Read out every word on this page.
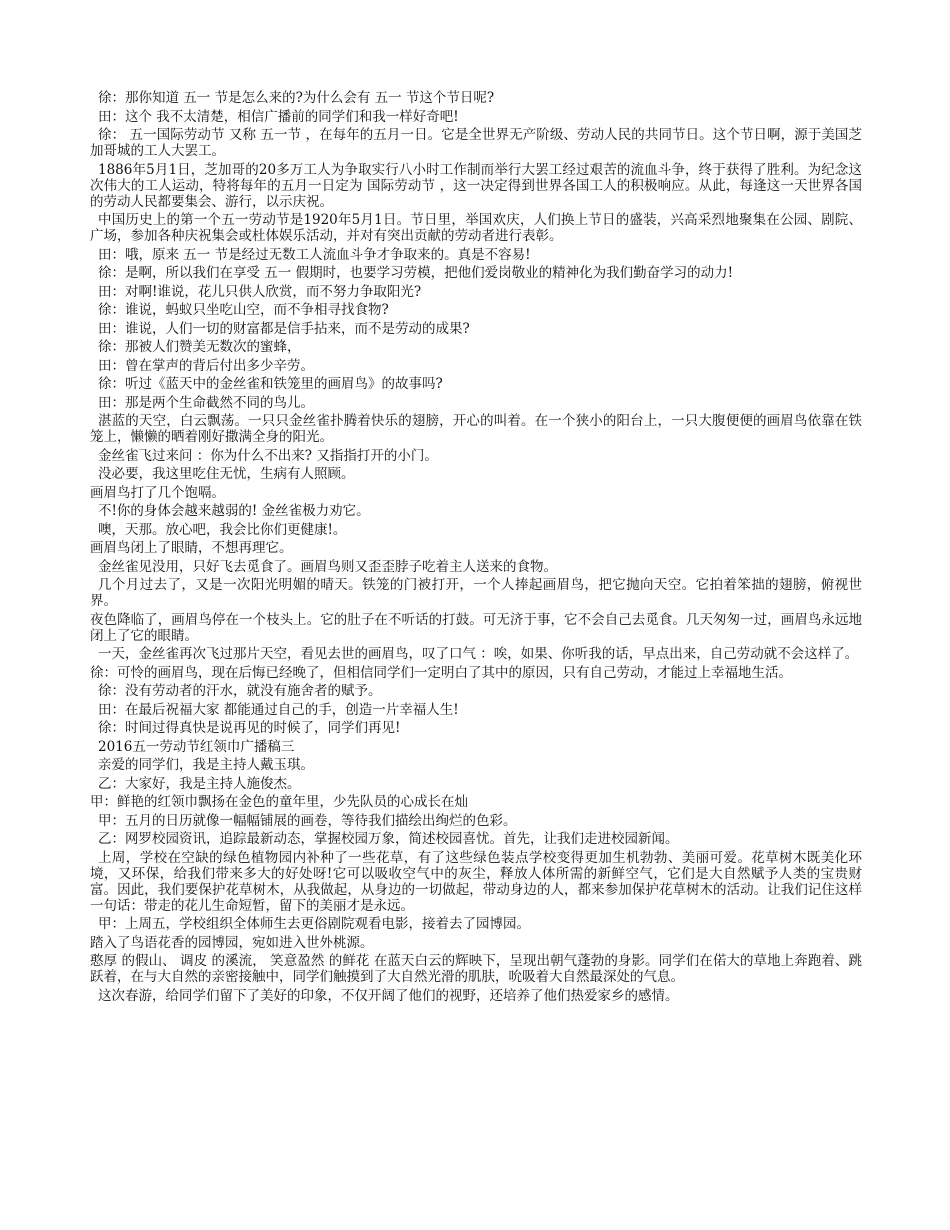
徐：那你知道 五一 节是怎么来的?为什么会有 五一 节这个节日呢?

田：这个 我不太清楚，相信广播前的同学们和我一样好奇吧!

徐： 五一国际劳动节 又称 五一节 ，在每年的五月一日。它是全世界无产阶级、劳动人民的共同节日。这个节日啊，源于美国芝加哥城的工人大罢工。

1886年5月1日，芝加哥的20多万工人为争取实行八小时工作制而举行大罢工经过艰苦的流血斗争，终于获得了胜利。为纪念这次伟大的工人运动，特将每年的五月一日定为 国际劳动节 ，这一决定得到世界各国工人的积极响应。从此，每逢这一天世界各国的劳动人民都要集会、游行，以示庆祝。

中国历史上的第一个五一劳动节是1920年5月1日。节日里，举国欢庆，人们换上节日的盛装，兴高采烈地聚集在公园、剧院、广场，参加各种庆祝集会或杜体娱乐活动，并对有突出贡献的劳动者进行表彰。

田：哦，原来 五一 节是经过无数工人流血斗争才争取来的。真是不容易!

徐：是啊，所以我们在享受 五一 假期时，也要学习劳模，把他们爱岗敬业的精神化为我们勤奋学习的动力!

田：对啊!谁说，花儿只供人欣赏，而不努力争取阳光?

徐：谁说，蚂蚁只坐吃山空，而不争相寻找食物?

田：谁说，人们一切的财富都是信手拈来，而不是劳动的成果?

徐：那被人们赞美无数次的蜜蜂，

田：曾在掌声的背后付出多少辛劳。

徐：听过《蓝天中的金丝雀和铁笼里的画眉鸟》的故事吗?

田：那是两个生命截然不同的鸟儿。

湛蓝的天空，白云飘荡。一只只金丝雀扑腾着快乐的翅膀，开心的叫着。在一个狭小的阳台上，一只大腹便便的画眉鸟依靠在铁笼上，懒懒的晒着刚好撒满全身的阳光。

金丝雀飞过来问 ：你为什么不出来? 又指指打开的小门。

没必要，我这里吃住无忧，生病有人照顾。

画眉鸟打了几个饱嗝。

不!你的身体会越来越弱的! 金丝雀极力劝它。

噢，天那。放心吧，我会比你们更健康!。

画眉鸟闭上了眼睛，不想再理它。

金丝雀见没用，只好飞去觅食了。画眉鸟则又歪歪脖子吃着主人送来的食物。

几个月过去了，又是一次阳光明媚的晴天。铁笼的门被打开，一个人捧起画眉鸟，把它抛向天空。它拍着笨拙的翅膀，俯视世界。

夜色降临了，画眉鸟停在一个枝头上。它的肚子在不听话的打鼓。可无济于事，它不会自己去觅食。几天匆匆一过，画眉鸟永远地闭上了它的眼睛。

一天，金丝雀再次飞过那片天空，看见去世的画眉鸟，叹了口气 ：唉，如果、你听我的话，早点出来，自己劳动就不会这样了。

徐：可怜的画眉鸟，现在后悔已经晚了，但相信同学们一定明白了其中的原因，只有自己劳动，才能过上幸福地生活。

徐：没有劳动者的汗水，就没有施舍者的赋予。

田：在最后祝福大家 都能通过自己的手，创造一片幸福人生!

徐：时间过得真快是说再见的时候了，同学们再见!

2016五一劳动节红领巾广播稿三

亲爱的同学们，我是主持人戴玉琪。

乙：大家好，我是主持人施俊杰。

甲：鲜艳的红领巾飘扬在金色的童年里，少先队员的心成长在灿

甲：五月的日历就像一幅幅铺展的画卷，等待我们描绘出绚烂的色彩。

乙：网罗校园资讯，追踪最新动态，掌握校园万象，简述校园喜忧。首先，让我们走进校园新闻。

上周，学校在空缺的绿色植物园内补种了一些花草，有了这些绿色装点学校变得更加生机勃勃、美丽可爱。花草树木既美化环境，又环保，给我们带来多大的好处呀!它可以吸收空气中的灰尘，释放人体所需的新鲜空气，它们是大自然赋予人类的宝贵财富。因此，我们要保护花草树木，从我做起，从身边的一切做起，带动身边的人，都来参加保护花草树木的活动。让我们记住这样一句话：带走的花儿生命短暂，留下的美丽才是永远。

甲：上周五，学校组织全体师生去更俗剧院观看电影，接着去了园博园。

踏入了鸟语花香的园博园，宛如进入世外桃源。

憨厚 的假山、 调皮 的溪流， 笑意盈然 的鲜花 在蓝天白云的辉映下，呈现出朝气蓬勃的身影。同学们在偌大的草地上奔跑着、跳跃着，在与大自然的亲密接触中，同学们触摸到了大自然光滑的肌肤，吮吸着大自然最深处的气息。

这次春游，给同学们留下了美好的印象，不仅开阔了他们的视野，还培养了他们热爱家乡的感情。
